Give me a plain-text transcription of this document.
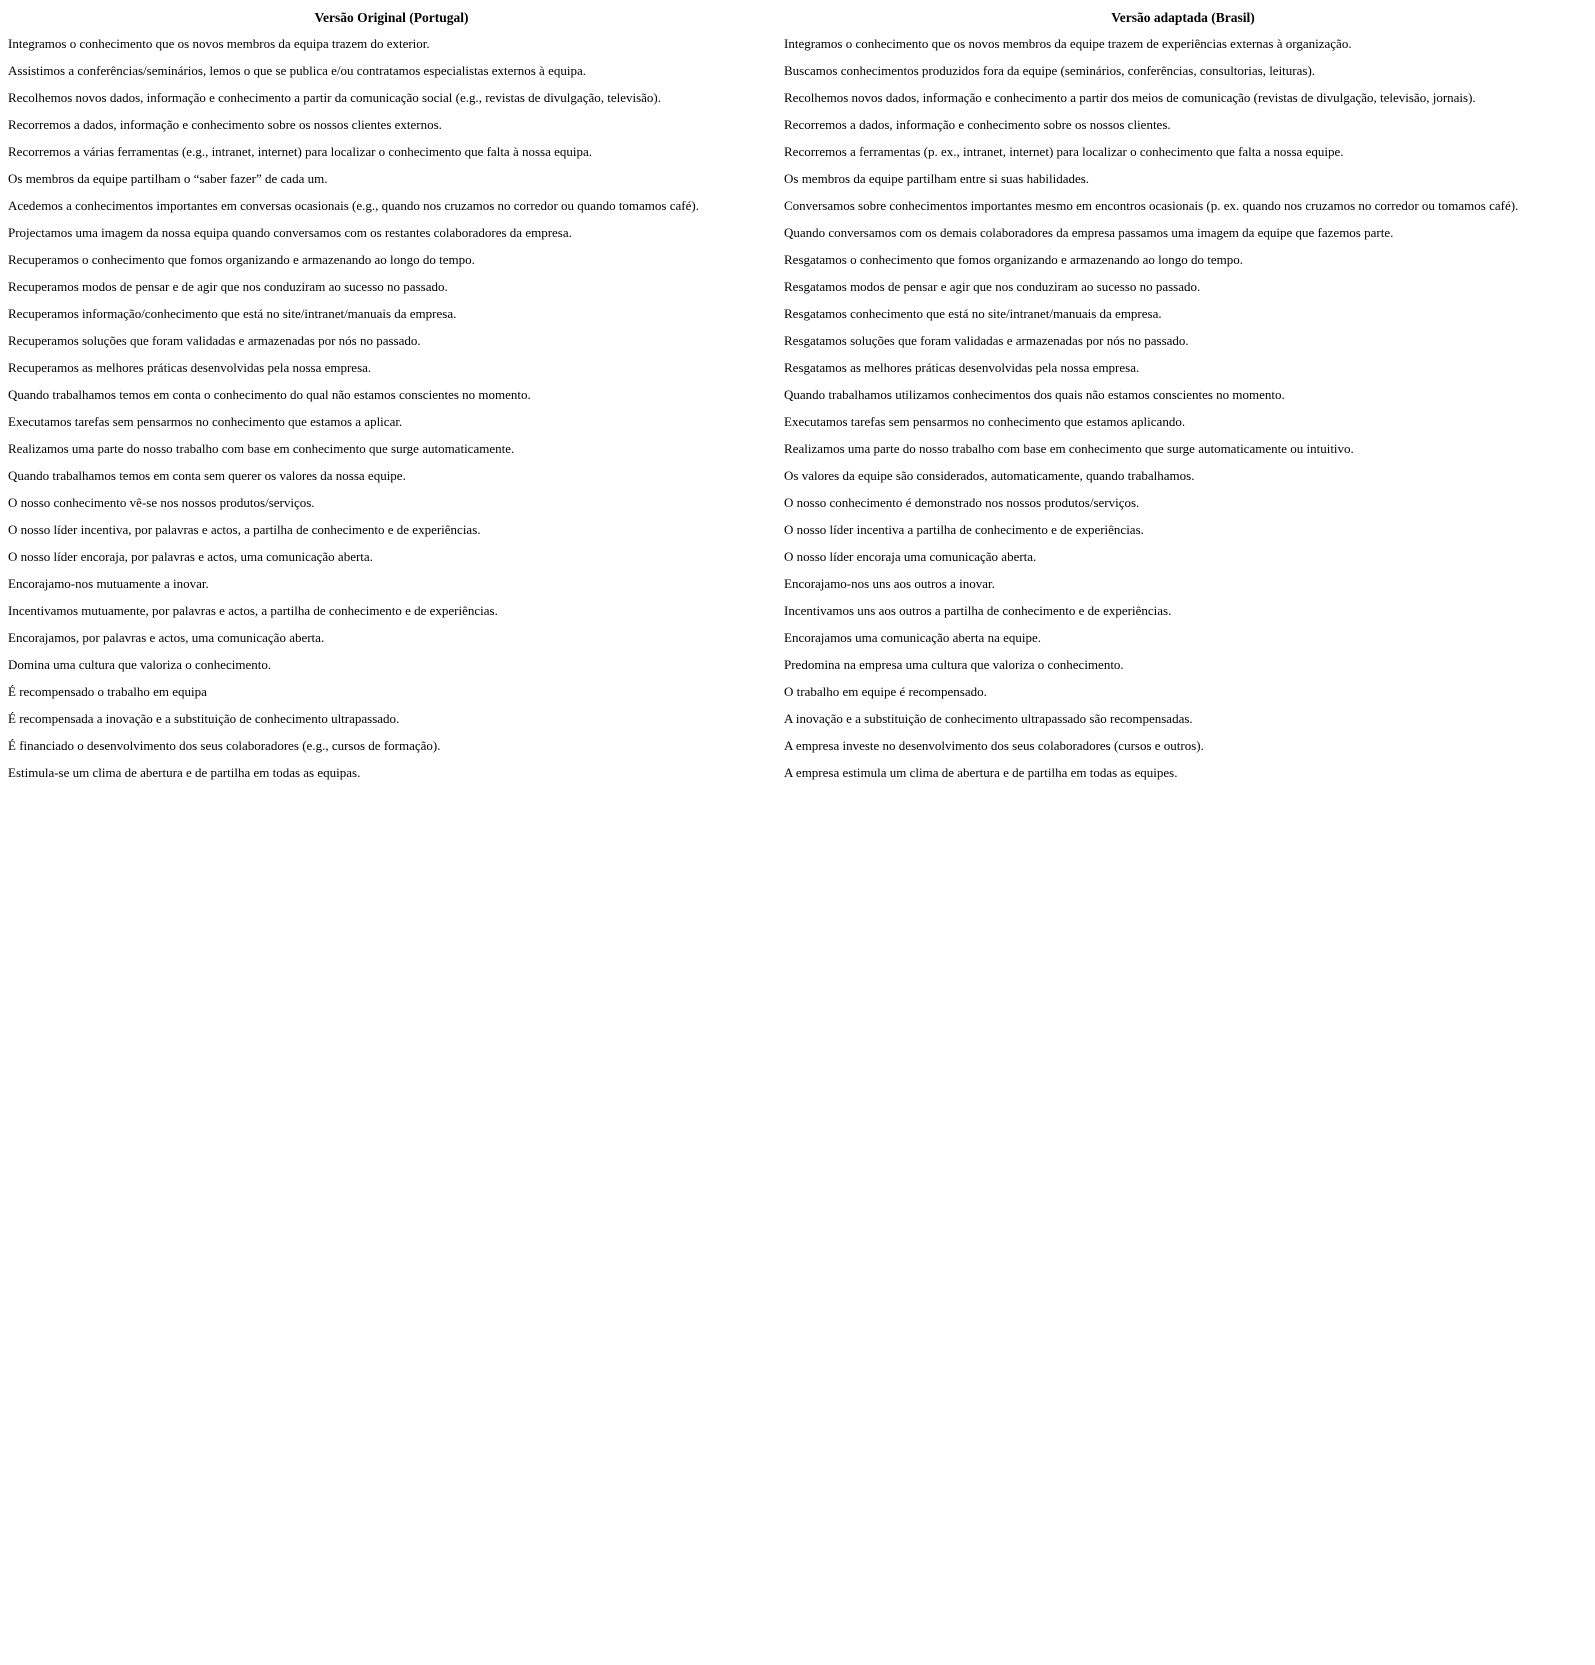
Versão Original (Portugal)	Versão adaptada (Brasil)
Integramos o conhecimento que os novos membros da equipa trazem do exterior.	Integramos o conhecimento que os novos membros da equipe trazem de experiências externas à organização.
Assistimos a conferências/seminários, lemos o que se publica e/ou contratamos especialistas externos à equipa.	Buscamos conhecimentos produzidos fora da equipe (seminários, conferências, consultorias, leituras).
Recolhemos novos dados, informação e conhecimento a partir da comunicação social (e.g., revistas de divulgação, televisão).	Recolhemos novos dados, informação e conhecimento a partir dos meios de comunicação (revistas de divulgação, televisão, jornais).
Recorremos a dados, informação e conhecimento sobre os nossos clientes externos.	Recorremos a dados, informação e conhecimento sobre os nossos clientes.
Recorremos a várias ferramentas (e.g., intranet, internet) para localizar o conhecimento que falta à nossa equipa.	Recorremos a ferramentas (p. ex., intranet, internet) para localizar o conhecimento que falta a nossa equipe.
Os membros da equipe partilham o “saber fazer” de cada um.	Os membros da equipe partilham entre si suas habilidades.
Acedemos a conhecimentos importantes em conversas ocasionais (e.g., quando nos cruzamos no corredor ou quando tomamos café).	Conversamos sobre conhecimentos importantes mesmo em encontros ocasionais (p. ex. quando nos cruzamos no corredor ou tomamos café).
Projectamos uma imagem da nossa equipa quando conversamos com os restantes colaboradores da empresa.	Quando conversamos com os demais colaboradores da empresa passamos uma imagem da equipe que fazemos parte.
Recuperamos o conhecimento que fomos organizando e armazenando ao longo do tempo.	Resgatamos o conhecimento que fomos organizando e armazenando ao longo do tempo.
Recuperamos modos de pensar e de agir que nos conduziram ao sucesso no passado.	Resgatamos modos de pensar e agir que nos conduziram ao sucesso no passado.
Recuperamos informação/conhecimento que está no site/intranet/manuais da empresa.	Resgatamos conhecimento que está no site/intranet/manuais da empresa.
Recuperamos soluções que foram validadas e armazenadas por nós no passado.	Resgatamos soluções que foram validadas e armazenadas por nós no passado.
Recuperamos as melhores práticas desenvolvidas pela nossa empresa.	Resgatamos as melhores práticas desenvolvidas pela nossa empresa.
Quando trabalhamos temos em conta o conhecimento do qual não estamos conscientes no momento.	Quando trabalhamos utilizamos conhecimentos dos quais não estamos conscientes no momento.
Executamos tarefas sem pensarmos no conhecimento que estamos a aplicar.	Executamos tarefas sem pensarmos no conhecimento que estamos aplicando.
Realizamos uma parte do nosso trabalho com base em conhecimento que surge automaticamente.	Realizamos uma parte do nosso trabalho com base em conhecimento que surge automaticamente ou intuitivo.
Quando trabalhamos temos em conta sem querer os valores da nossa equipe.	Os valores da equipe são considerados, automaticamente, quando trabalhamos.
O nosso conhecimento vê-se nos nossos produtos/serviços.	O nosso conhecimento é demonstrado nos nossos produtos/serviços.
O nosso líder incentiva, por palavras e actos, a partilha de conhecimento e de experiências.	O nosso líder incentiva a partilha de conhecimento e de experiências.
O nosso líder encoraja, por palavras e actos, uma comunicação aberta.	O nosso líder encoraja uma comunicação aberta.
Encorajamo-nos mutuamente a inovar.	Encorajamo-nos uns aos outros a inovar.
Incentivamos mutuamente, por palavras e actos, a partilha de conhecimento e de experiências.	Incentivamos uns aos outros a partilha de conhecimento e de experiências.
Encorajamos, por palavras e actos, uma comunicação aberta.	Encorajamos uma comunicação aberta na equipe.
Domina uma cultura que valoriza o conhecimento.	Predomina na empresa uma cultura que valoriza o conhecimento.
É recompensado o trabalho em equipa	O trabalho em equipe é recompensado.
É recompensada a inovação e a substituição de conhecimento ultrapassado.	A inovação e a substituição de conhecimento ultrapassado são recompensadas.
É financiado o desenvolvimento dos seus colaboradores (e.g., cursos de formação).	A empresa investe no desenvolvimento dos seus colaboradores (cursos e outros).
Estimula-se um clima de abertura e de partilha em todas as equipas.	A empresa estimula um clima de abertura e de partilha em todas as equipes.
